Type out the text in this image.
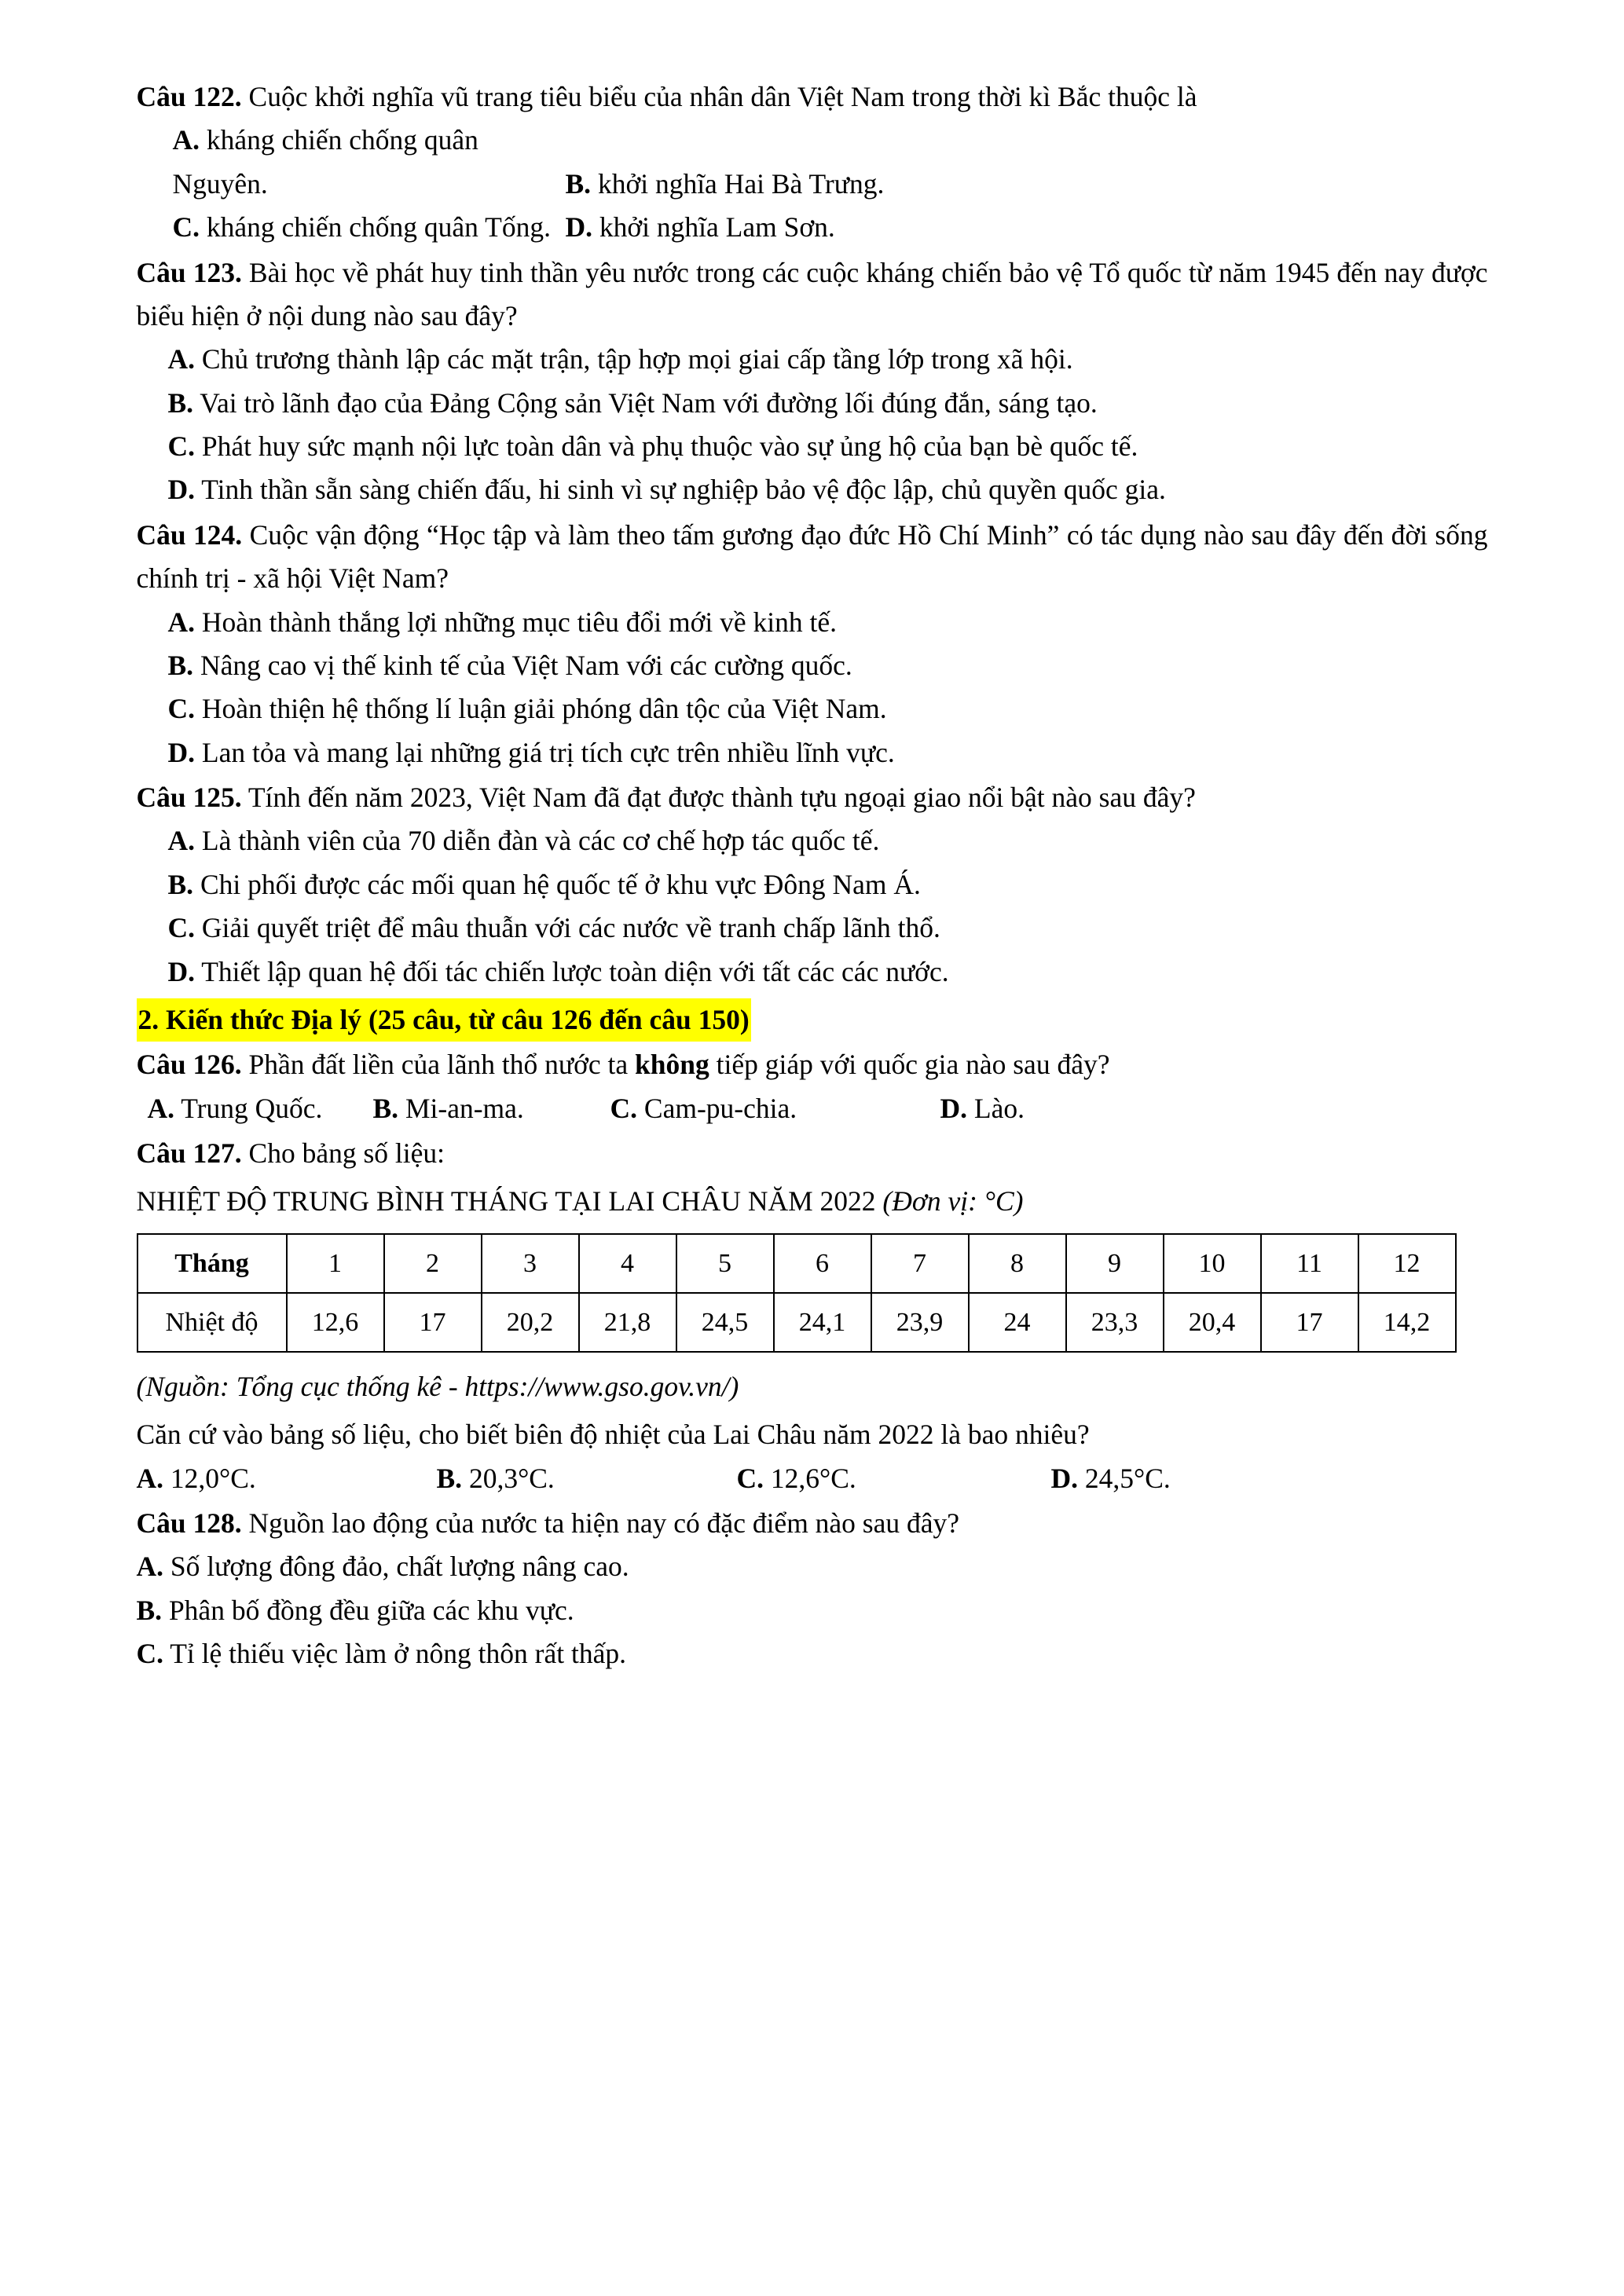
Câu 122. Cuộc khởi nghĩa vũ trang tiêu biểu của nhân dân Việt Nam trong thời kì Bắc thuộc là

A. kháng chiến chống quân Nguyên.	B. khởi nghĩa Hai Bà Trưng.
C. kháng chiến chống quân Tống. D. khởi nghĩa Lam Sơn.

Câu 123. Bài học về phát huy tinh thần yêu nước trong các cuộc kháng chiến bảo vệ Tổ quốc từ năm 1945 đến nay được biểu hiện ở nội dung nào sau đây?

A. Chủ trương thành lập các mặt trận, tập hợp mọi giai cấp tầng lớp trong xã hội.

B. Vai trò lãnh đạo của Đảng Cộng sản Việt Nam với đường lối đúng đắn, sáng tạo.

C. Phát huy sức mạnh nội lực toàn dân và phụ thuộc vào sự ủng hộ của bạn bè quốc tế.

D. Tinh thần sẵn sàng chiến đấu, hi sinh vì sự nghiệp bảo vệ độc lập, chủ quyền quốc gia.

Câu 124. Cuộc vận động “Học tập và làm theo tấm gương đạo đức Hồ Chí Minh” có tác dụng nào sau đây đến đời sống chính trị - xã hội Việt Nam?

A. Hoàn thành thắng lợi những mục tiêu đổi mới về kinh tế.

B. Nâng cao vị thế kinh tế của Việt Nam với các cường quốc.

C. Hoàn thiện hệ thống lí luận giải phóng dân tộc của Việt Nam.

D. Lan tỏa và mang lại những giá trị tích cực trên nhiều lĩnh vực.

Câu 125. Tính đến năm 2023, Việt Nam đã đạt được thành tựu ngoại giao nổi bật nào sau đây?

A. Là thành viên của 70 diễn đàn và các cơ chế hợp tác quốc tế.

B. Chi phối được các mối quan hệ quốc tế ở khu vực Đông Nam Á.

C. Giải quyết triệt để mâu thuẫn với các nước về tranh chấp lãnh thổ.

D. Thiết lập quan hệ đối tác chiến lược toàn diện với tất các các nước.

2. Kiến thức Địa lý (25 câu, từ câu 126 đến câu 150)

Câu 126. Phần đất liền của lãnh thổ nước ta không tiếp giáp với quốc gia nào sau đây?

A. Trung Quốc. B. Mi-an-ma.	C. Cam-pu-chia.	D. Lào.

Câu 127. Cho bảng số liệu:

NHIỆT ĐỘ TRUNG BÌNH THÁNG TẠI LAI CHÂU NĂM 2022 (Đơn vị: °C)

Tháng	1	2	3	4	5	6	7	8	9	10	11	12
Nhiệt độ	12,6	17	20,2	21,8	24,5	24,1	23,9	24	23,3	20,4	17	14,2

(Nguồn: Tổng cục thống kê - https://www.gso.gov.vn/)

Căn cứ vào bảng số liệu, cho biết biên độ nhiệt của Lai Châu năm 2022 là bao nhiêu?

A. 12,0°C.	B. 20,3°C.	C. 12,6°C.	D. 24,5°C.

Câu 128. Nguồn lao động của nước ta hiện nay có đặc điểm nào sau đây?

A. Số lượng đông đảo, chất lượng nâng cao.

B. Phân bố đồng đều giữa các khu vực.

C. Tỉ lệ thiếu việc làm ở nông thôn rất thấp.
